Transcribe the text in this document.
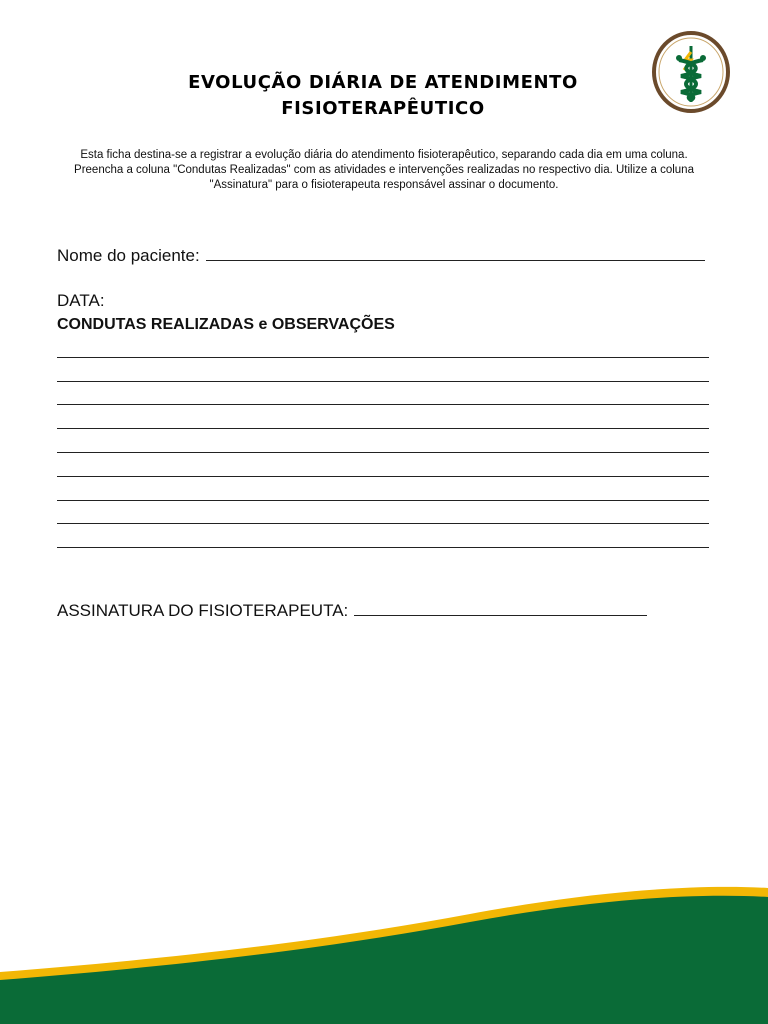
EVOLUÇÃO DIÁRIA DE ATENDIMENTO
FISIOTERAPÊUTICO
Esta ficha destina-se a registrar a evolução diária do atendimento fisioterapêutico, separando cada dia em uma coluna.
Preencha a coluna "Condutas Realizadas" com as atividades e intervenções realizadas no respectivo dia. Utilize a coluna
"Assinatura" para o fisioterapeuta responsável assinar o documento.
Nome do paciente:
DATA:
CONDUTAS REALIZADAS e OBSERVAÇÕES
ASSINATURA DO FISIOTERAPEUTA:
